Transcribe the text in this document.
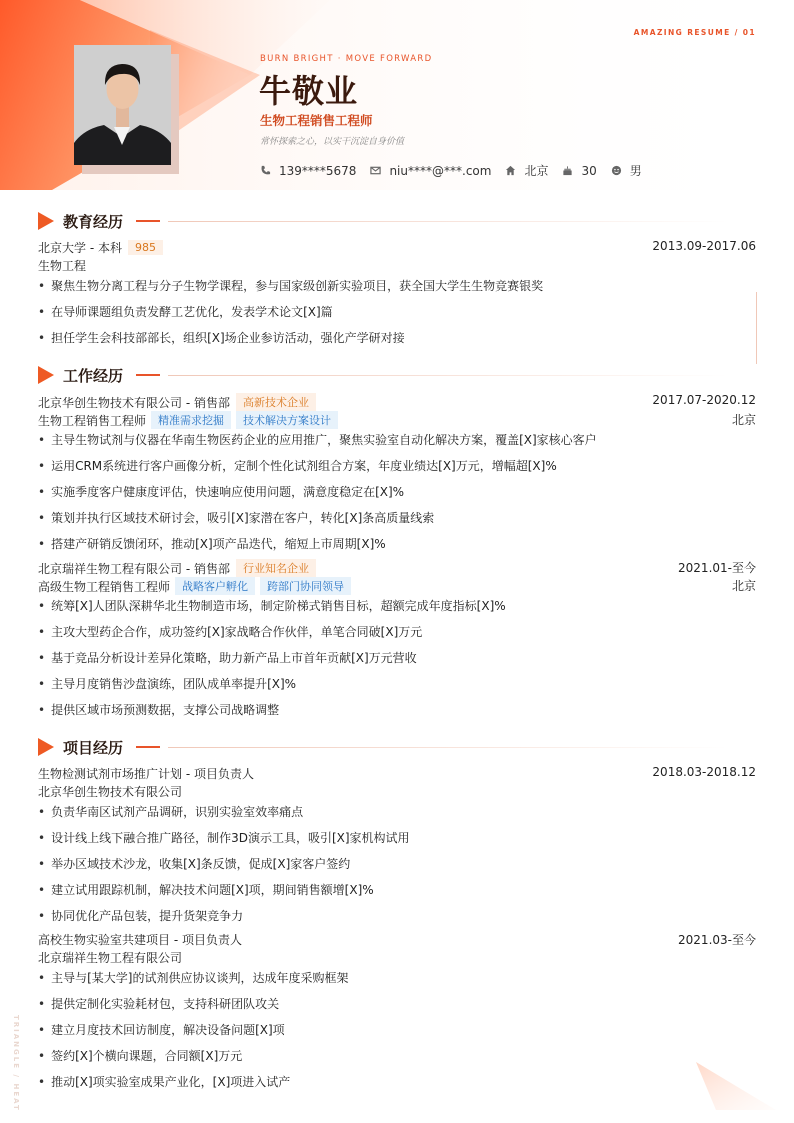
AMAZING RESUME / 01
BURN BRIGHT · MOVE FORWARD
牛敬业
生物工程销售工程师
常怀探索之心，以实干沉淀自身价值
139****5678	niu****@***.com	北京	30	男
教育经历
北京大学 - 本科	985	2013.09-2017.06
生物工程
• 聚焦生物分离工程与分子生物学课程，参与国家级创新实验项目，获全国大学生生物竞赛银奖
• 在导师课题组负责发酵工艺优化，发表学术论文[X]篇
• 担任学生会科技部部长，组织[X]场企业参访活动，强化产学研对接
工作经历
北京华创生物技术有限公司 - 销售部	高新技术企业	2017.07-2020.12
生物工程销售工程师	精准需求挖掘	技术解决方案设计	北京
• 主导生物试剂与仪器在华南生物医药企业的应用推广，聚焦实验室自动化解决方案，覆盖[X]家核心客户
• 运用CRM系统进行客户画像分析，定制个性化试剂组合方案，年度业绩达[X]万元，增幅超[X]%
• 实施季度客户健康度评估，快速响应使用问题，满意度稳定在[X]%
• 策划并执行区域技术研讨会，吸引[X]家潜在客户，转化[X]条高质量线索
• 搭建产研销反馈闭环，推动[X]项产品迭代，缩短上市周期[X]%
北京瑞祥生物工程有限公司 - 销售部	行业知名企业	2021.01-至今
高级生物工程销售工程师	战略客户孵化	跨部门协同领导	北京
• 统筹[X]人团队深耕华北生物制造市场，制定阶梯式销售目标，超额完成年度指标[X]%
• 主攻大型药企合作，成功签约[X]家战略合作伙伴，单笔合同破[X]万元
• 基于竞品分析设计差异化策略，助力新产品上市首年贡献[X]万元营收
• 主导月度销售沙盘演练，团队成单率提升[X]%
• 提供区域市场预测数据，支撑公司战略调整
项目经历
生物检测试剂市场推广计划 - 项目负责人	2018.03-2018.12
北京华创生物技术有限公司
• 负责华南区试剂产品调研，识别实验室效率痛点
• 设计线上线下融合推广路径，制作3D演示工具，吸引[X]家机构试用
• 举办区域技术沙龙，收集[X]条反馈，促成[X]家客户签约
• 建立试用跟踪机制，解决技术问题[X]项，期间销售额增[X]%
• 协同优化产品包装，提升货架竞争力
高校生物实验室共建项目 - 项目负责人	2021.03-至今
北京瑞祥生物工程有限公司
• 主导与[某大学]的试剂供应协议谈判，达成年度采购框架
• 提供定制化实验耗材包，支持科研团队攻关
• 建立月度技术回访制度，解决设备问题[X]项
• 签约[X]个横向课题，合同额[X]万元
• 推动[X]项实验室成果产业化，[X]项进入试产
TRIANGLE / HEAT
